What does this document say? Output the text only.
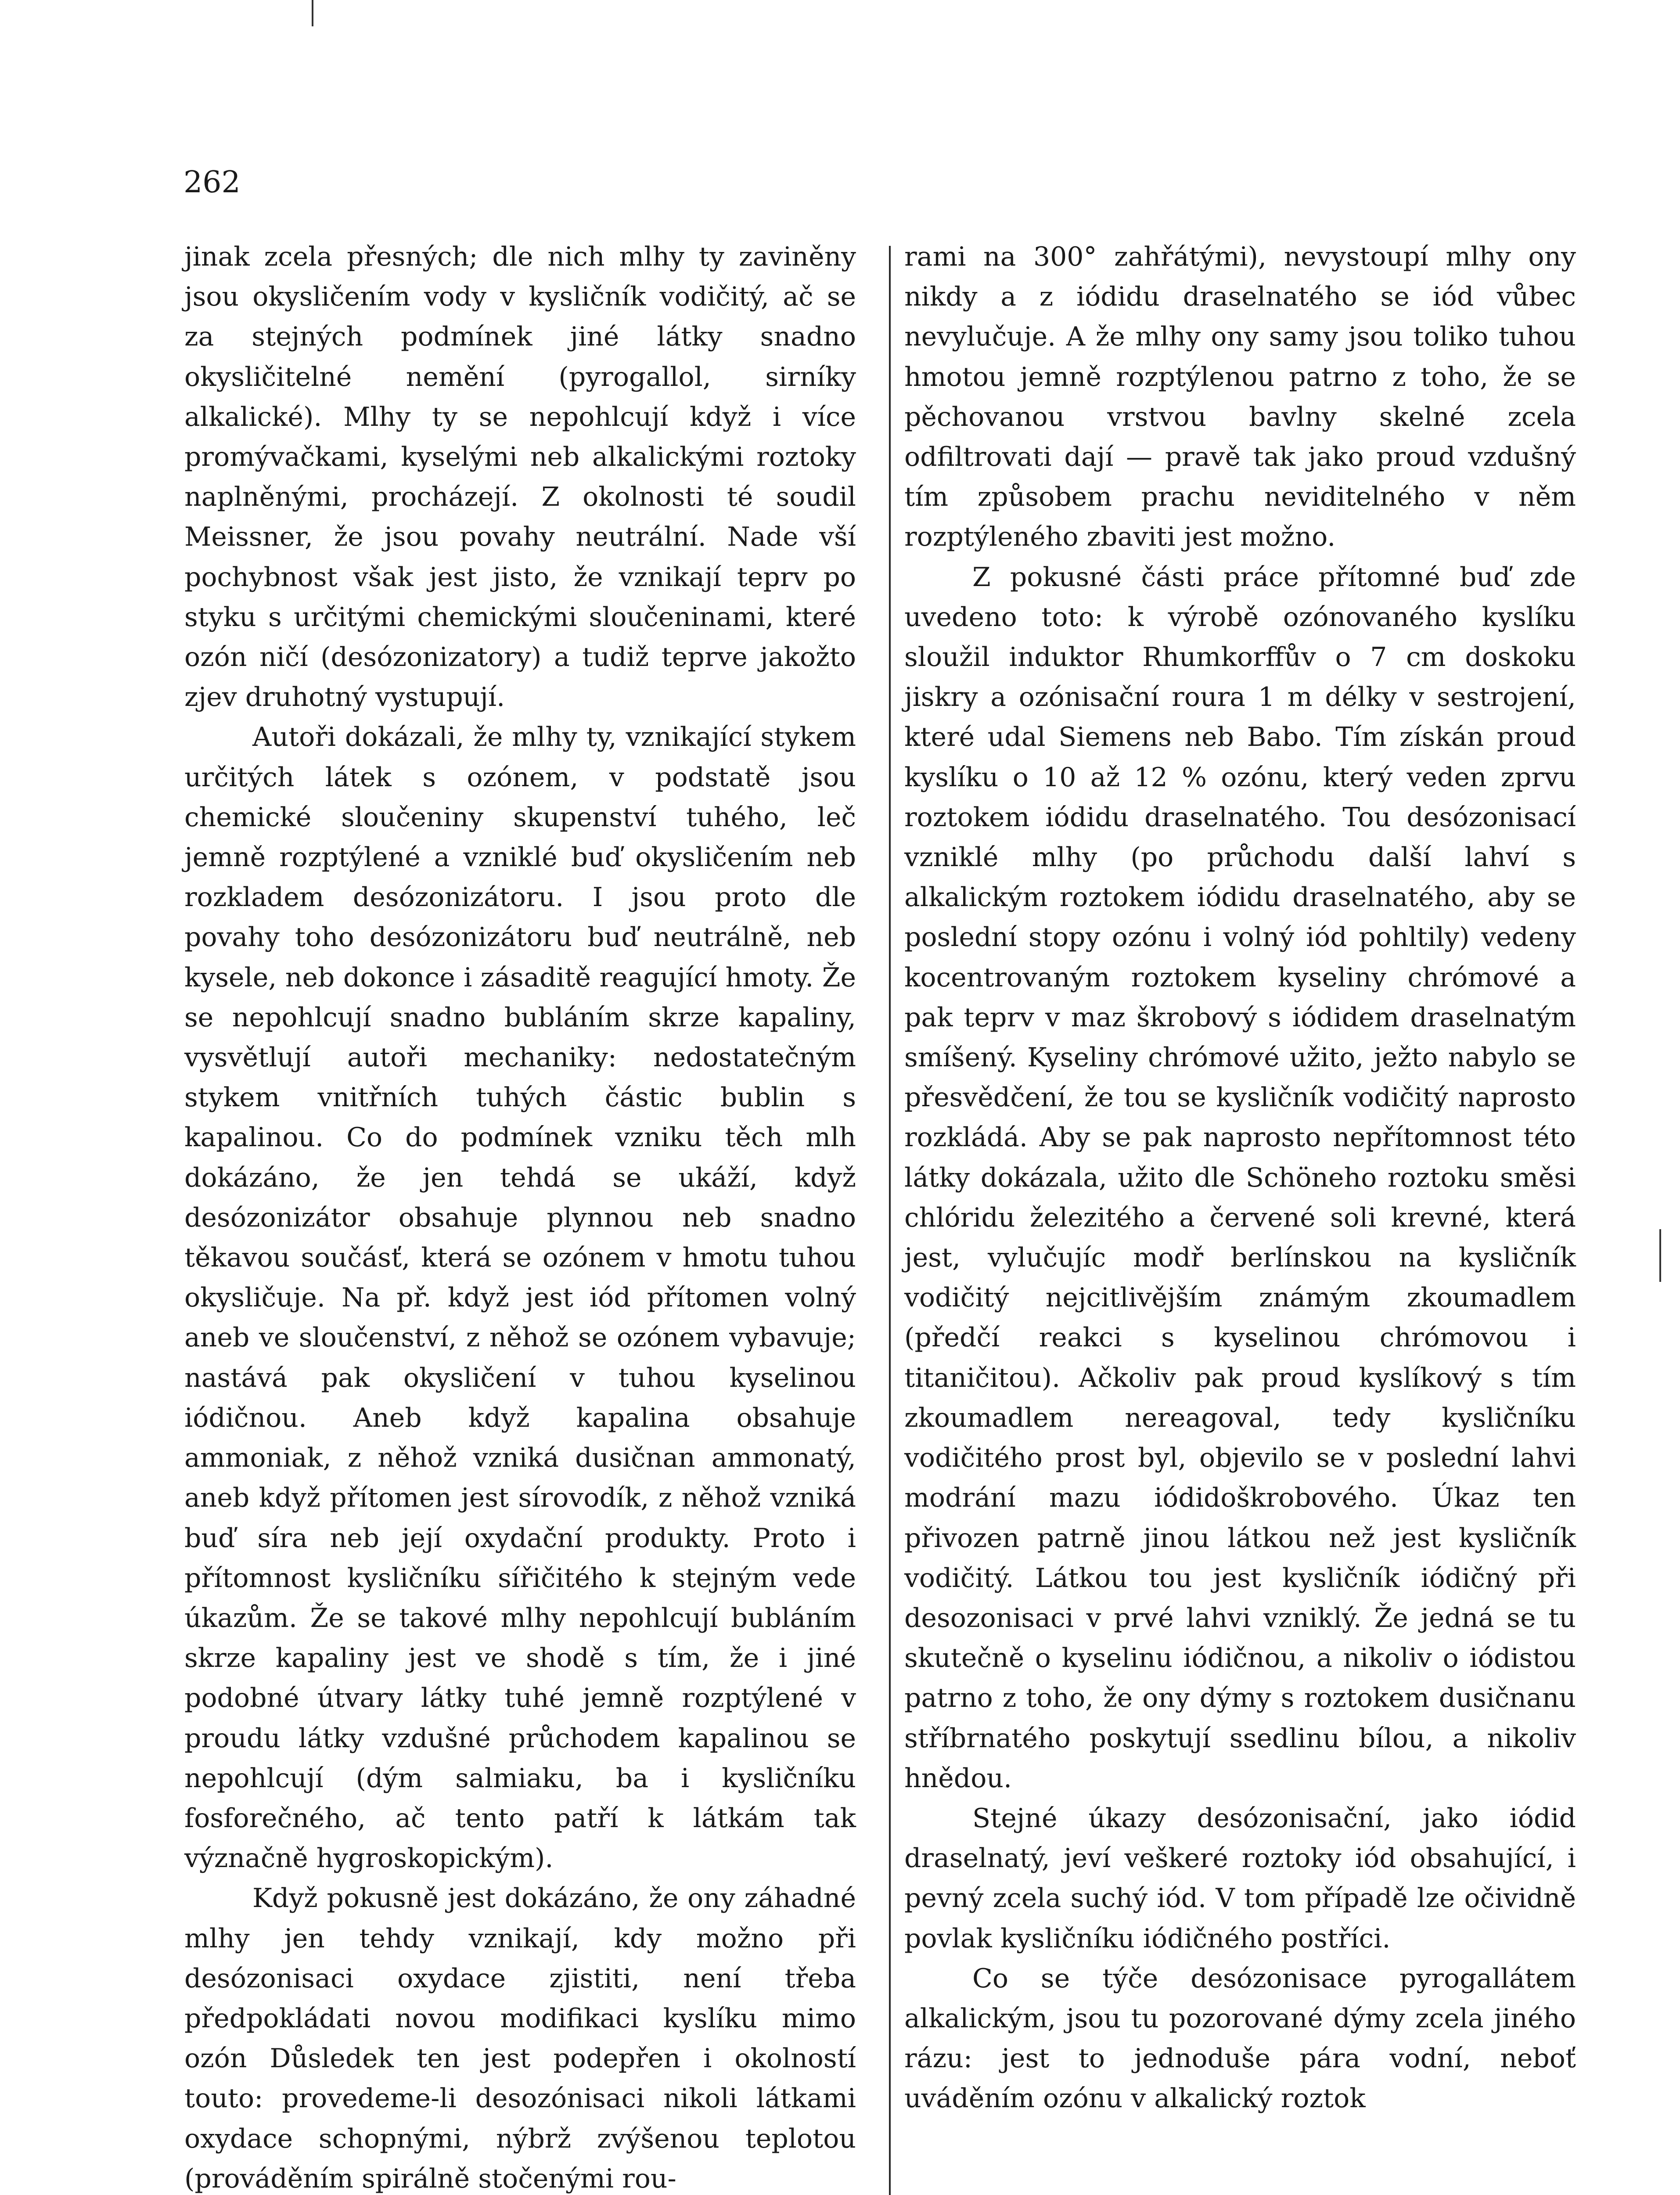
262

jinak zcela přesných; dle nich mlhy ty zaviněny jsou okysličením vody v kysličník vodičitý, ač se za stejných podmínek jiné látky snadno okysličitelné nemění (pyrogallol, sirníky alkalické). Mlhy ty se nepohlcují když i více promývačkami, kyselými neb alkalickými roztoky naplněnými, procházejí. Z okolnosti té soudil Meissner, že jsou povahy neutrální. Nade vší pochybnost však jest jisto, že vznikají teprv po styku s určitými chemickými sloučeninami, které ozón ničí (desózonizatory) a tudiž teprve jakožto zjev druhotný vystupují.

Autoři dokázali, že mlhy ty, vznikající stykem určitých látek s ozónem, v podstatě jsou chemické sloučeniny skupenství tuhého, leč jemně rozptýlené a vzniklé buď okysličením neb rozkladem desózonizátoru. I jsou proto dle povahy toho desózonizátoru buď neutrálně, neb kysele, neb dokonce i zásaditě reagující hmoty. Že se nepohlcují snadno bubláním skrze kapaliny, vysvětlují autoři mechaniky: nedostatečným stykem vnitřních tuhých částic bublin s kapalinou. Co do podmínek vzniku těch mlh dokázáno, že jen tehdá se ukáží, když desózonizátor obsahuje plynnou neb snadno těkavou součásť, která se ozónem v hmotu tuhou okysličuje. Na př. když jest iód přítomen volný aneb ve sloučenství, z něhož se ozónem vybavuje; nastává pak okysličení v tuhou kyselinou iódičnou. Aneb když kapalina obsahuje ammoniak, z něhož vzniká dusičnan ammonatý, aneb když přítomen jest sírovodík, z něhož vzniká buď síra neb její oxydační produkty. Proto i přítomnost kysličníku sířičitého k stejným vede úkazům. Že se takové mlhy nepohlcují bubláním skrze kapaliny jest ve shodě s tím, že i jiné podobné útvary látky tuhé jemně rozptýlené v proudu látky vzdušné průchodem kapalinou se nepohlcují (dým salmiaku, ba i kysličníku fosforečného, ač tento patří k látkám tak význačně hygroskopickým).

Když pokusně jest dokázáno, že ony záhadné mlhy jen tehdy vznikají, kdy možno při desózonisaci oxydace zjistiti, není třeba předpokládati novou modifikaci kyslíku mimo ozón Důsledek ten jest podepřen i okolností touto: provedeme-li desozónisaci nikoli látkami oxydace schopnými, nýbrž zvýšenou teplotou (prováděním spirálně stočenými rou-

rami na 300° zahřátými), nevystoupí mlhy ony nikdy a z iódidu draselnatého se iód vůbec nevylučuje. A že mlhy ony samy jsou toliko tuhou hmotou jemně rozptýlenou patrno z toho, že se pěchovanou vrstvou bavlny skelné zcela odfiltrovati dají — pravě tak jako proud vzdušný tím způsobem prachu neviditelného v něm rozptýleného zbaviti jest možno.

Z pokusné části práce přítomné buď zde uvedeno toto: k výrobě ozónovaného kyslíku sloužil induktor Rhumkorffův o 7 cm doskoku jiskry a ozónisační roura 1 m délky v sestrojení, které udal Siemens neb Babo. Tím získán proud kyslíku o 10 až 12 % ozónu, který veden zprvu roztokem iódidu draselnatého. Tou desózonisací vzniklé mlhy (po průchodu další lahví s alkalickým roztokem iódidu draselnatého, aby se poslední stopy ozónu i volný iód pohltily) vedeny kocentrovaným roztokem kyseliny chrómové a pak teprv v maz škrobový s iódidem draselnatým smíšený. Kyseliny chrómové užito, ježto nabylo se přesvědčení, že tou se kysličník vodičitý naprosto rozkládá. Aby se pak naprosto nepřítomnost této látky dokázala, užito dle Schöneho roztoku směsi chlóridu železitého a červené soli krevné, která jest, vylučujíc modř berlínskou na kysličník vodičitý nejcitlivějším známým zkoumadlem (předčí reakci s kyselinou chrómovou i titaničitou). Ačkoliv pak proud kyslíkový s tím zkoumadlem nereagoval, tedy kysličníku vodičitého prost byl, objevilo se v poslední lahvi modrání mazu iódidoškrobového. Úkaz ten přivozen patrně jinou látkou než jest kysličník vodičitý. Látkou tou jest kysličník iódičný při desozonisaci v prvé lahvi vzniklý. Že jedná se tu skutečně o kyselinu iódičnou, a nikoliv o iódistou patrno z toho, že ony dýmy s roztokem dusičnanu stříbrnatého poskytují ssedlinu bílou, a nikoliv hnědou.

Stejné úkazy desózonisační, jako iódid draselnatý, jeví veškeré roztoky iód obsahující, i pevný zcela suchý iód. V tom případě lze očividně povlak kysličníku iódičného postříci.

Co se týče desózonisace pyrogallátem alkalickým, jsou tu pozorované dýmy zcela jiného rázu: jest to jednoduše pára vodní, neboť uváděním ozónu v alkalický roztok
